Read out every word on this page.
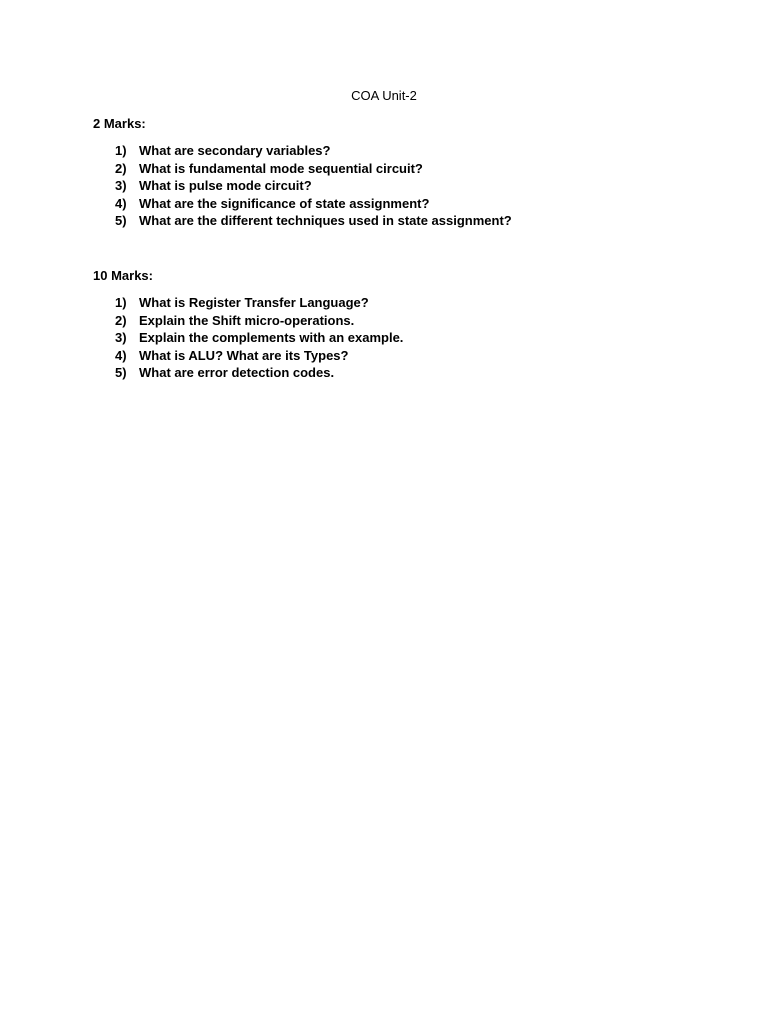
COA Unit-2
2 Marks:
1) What are secondary variables?
2) What is fundamental mode sequential circuit?
3) What is pulse mode circuit?
4) What are the significance of state assignment?
5) What are the different techniques used in state assignment?
10 Marks:
1) What is Register Transfer Language?
2) Explain the Shift micro-operations.
3) Explain the complements with an example.
4) What is ALU? What are its Types?
5) What are error detection codes.
